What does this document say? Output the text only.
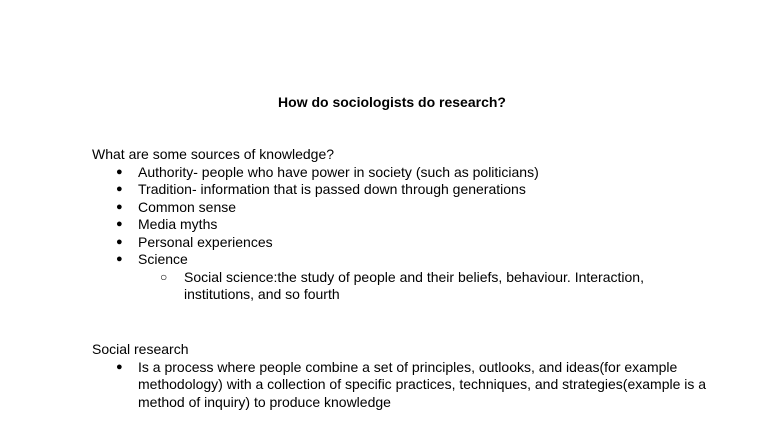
How do sociologists do research?

What are some sources of knowledge?

● Authority- people who have power in society (such as politicians)
● Tradition- information that is passed down through generations
● Common sense
● Media myths
● Personal experiences
● Science
○ Social science:the study of people and their beliefs, behaviour. Interaction, institutions, and so fourth

Social research

● Is a process where people combine a set of principles, outlooks, and ideas(for example methodology) with a collection of specific practices, techniques, and strategies(example is a method of inquiry) to produce knowledge
